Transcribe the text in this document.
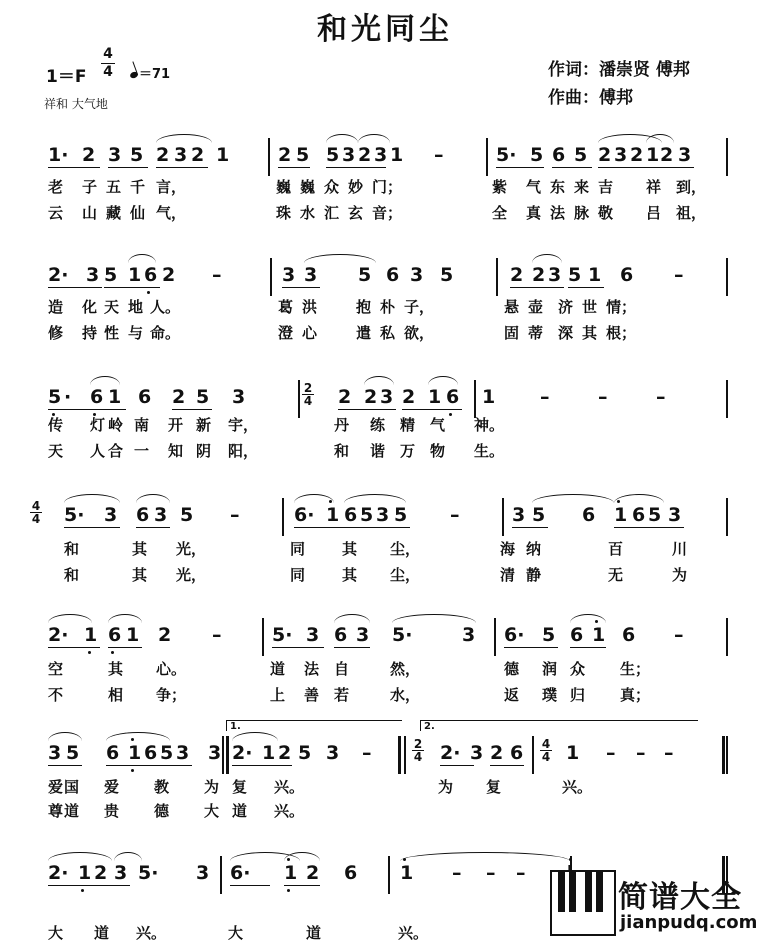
和光同尘
1＝F
4
4	＝71
祥和 大气地
作词：潘崇贤 傅邦
作曲：傅邦
1· 2 3 5 2 3 2 1	2 5 5 3 2 3 1 –	5· 5 6 5 2 3 2 1 2 3
老 子 五 千 言，	巍 巍 众 妙 门；	紫 气 东 来 吉 祥 到，
云 山 藏 仙 气，	珠 水 汇 玄 音；	全 真 法 脉 敬 吕 祖，
2· 3 5 1 6 2 –	3 3 5 6 3 5	2 2 3 5 1 6 –
造 化 天 地 人。	葛 洪	抱 朴 子，	悬 壶 济 世 情；
修 持 性 与 命。	澄 心	遣 私 欲，	固 蒂 深 其 根；
5 · 6 1 6 2 5 3	2 2 3 2 1 6 1 –	–	–
传 灯 岭 南 开 新 宇，	丹 练 精 气 神。
天 人 合 一 知 阴 阳，	和 谐 万 物 生。
5· 3 6 3 5 –	6· 1 6 5 3 5 –	3 5 6 1 6 5 3
和	其 光，	同 其 尘，	海 纳	百	川
和	其 光，	同 其 尘，	清 静	无	为
2· 1 6 1 2 –	5· 3 6 3 5·	3 6· 5 6 1 6 –
空	其 心。	道 法 自	然，	德 润 众 生；
不	相 争；	上 善 若	水，	返 璞 归 真；
3 5 6 1 6 5 3 3 2· 1 2 5 3 –	2· 3 2 6 1 – – –
爱 国 爱 教 为 复 兴。	为 复	兴。
尊 道 贵 德 大 道 兴。
2· 1 2 3 5· 3 6· 1 2 6 1 – – –
大 道 兴。	大	道	兴。
2
4
4
4
2
4
4
4
1.	2.
简谱大全
jianpudq.com
